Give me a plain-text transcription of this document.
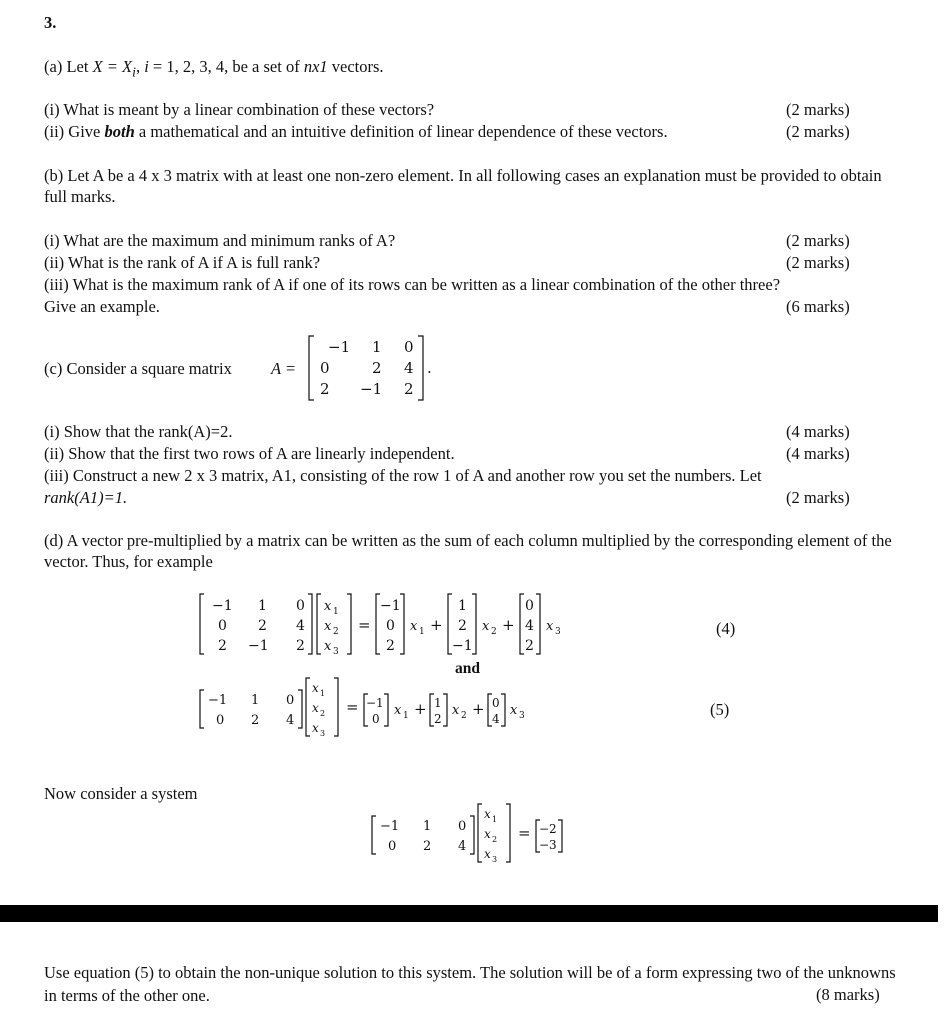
3.
(a) Let $X = X_i$, i = 1, 2, 3, 4, be a set of nx1 vectors.
(i) What is meant by a linear combination of these vectors?	(2 marks)
(ii) Give both a mathematical and an intuitive definition of linear dependence of these vectors.	(2 marks)
(b) Let A be a 4 x 3 matrix with at least one non-zero element. In all following cases an explanation must be provided to obtain full marks.
(i) What are the maximum and minimum ranks of A?	(2 marks)
(ii) What is the rank of A if A is full rank?	(2 marks)
(iii) What is the maximum rank of A if one of its rows can be written as a linear combination of the other three?
Give an example.	(6 marks)
(c) Consider a square matrix A =
−1 1 0
0	2 4
2 −1 2
.
(i) Show that the rank(A)=2.	(4 marks)
(ii) Show that the first two rows of A are linearly independent.	(4 marks)
(iii) Construct a new 2 x 3 matrix, A1, consisting of the row 1 of A and another row you set the numbers. Let
rank(A1)=1.	(2 marks)
(d) A vector pre-multiplied by a matrix can be written as the sum of each column multiplied by the corresponding element of the vector. Thus, for example
−1 1 0
0 2 4
2 −1 2
x 1
x 2
x 3
=
−1
0
2
x 1 +
1
2
−1
x 2 +
0
4
2
x 3	(4)
and
−1 1 0
0 2 4
x 1
x 2
x 3
= −1
0
x 1 + 1
2
x 2 + 0
4
x 3	(5)
Now consider a system
−1 1 0
0 2 4
x 1
x 2
x 3
= −2
−3
Use equation (5) to obtain the non-unique solution to this system. The solution will be of a form expressing two of the unknowns in terms of the other one.	(8 marks)
